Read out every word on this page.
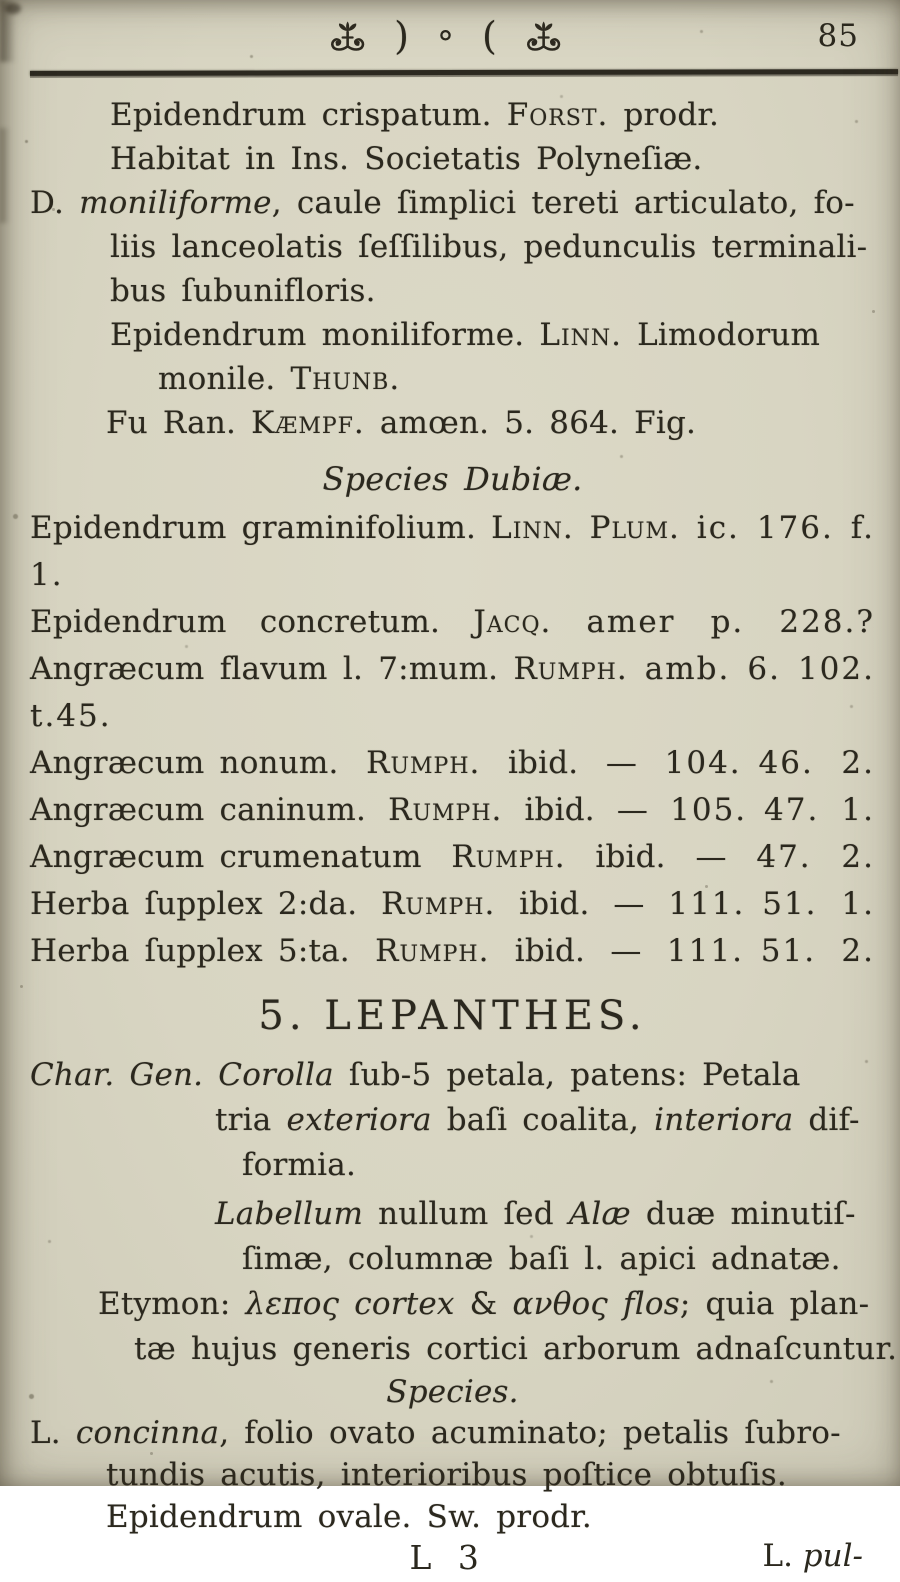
) ° (	85
Epidendrum crispatum. Forst. prodr.
Habitat in Ins. Societatis Polyneſiæ.
D. moniliforme, caule ſimplici tereti articulato, fo-
liis lanceolatis ſeſſilibus, pedunculis terminali-
bus ſubunifloris.
Epidendrum moniliforme. Linn. Limodorum
monile. Thunb.
Fu Ran. Kæmpf. amœn. 5. 864. Fig.
Species Dubiæ.
Epidendrum graminifolium. Linn. Plum. ic. 176. f. 1.
Epidendrum concretum. Jacq. amer p. 228.?
Angræcum flavum l. 7:mum. Rumph. amb. 6. 102. t.45.
Angræcum nonum. Rumph. ibid. — 104. 46. 2.
Angræcum caninum. Rumph. ibid. — 105. 47. 1.
Angræcum crumenatum Rumph. ibid. — 47. 2.
Herba ſupplex 2:da. Rumph. ibid. — 111. 51. 1.
Herba ſupplex 5:ta. Rumph. ibid. — 111. 51. 2.
5. LEPANTHES.
Char. Gen. Corolla ſub-5 petala, patens: Petala
tria exteriora baſi coalita, interiora dif-
formia.
Labellum nullum ſed Alæ duæ minutiſ-
ſimæ, columnæ baſi l. apici adnatæ.
Etymon: λεπος cortex & ανθος flos; quia plan-
tæ hujus generis cortici arborum adnaſcuntur.
Species.
L. concinna, folio ovato acuminato; petalis ſubro-
tundis acutis, interioribus poſtice obtuſis.
Epidendrum ovale. Sw. prodr.
L 3	L. pul-
